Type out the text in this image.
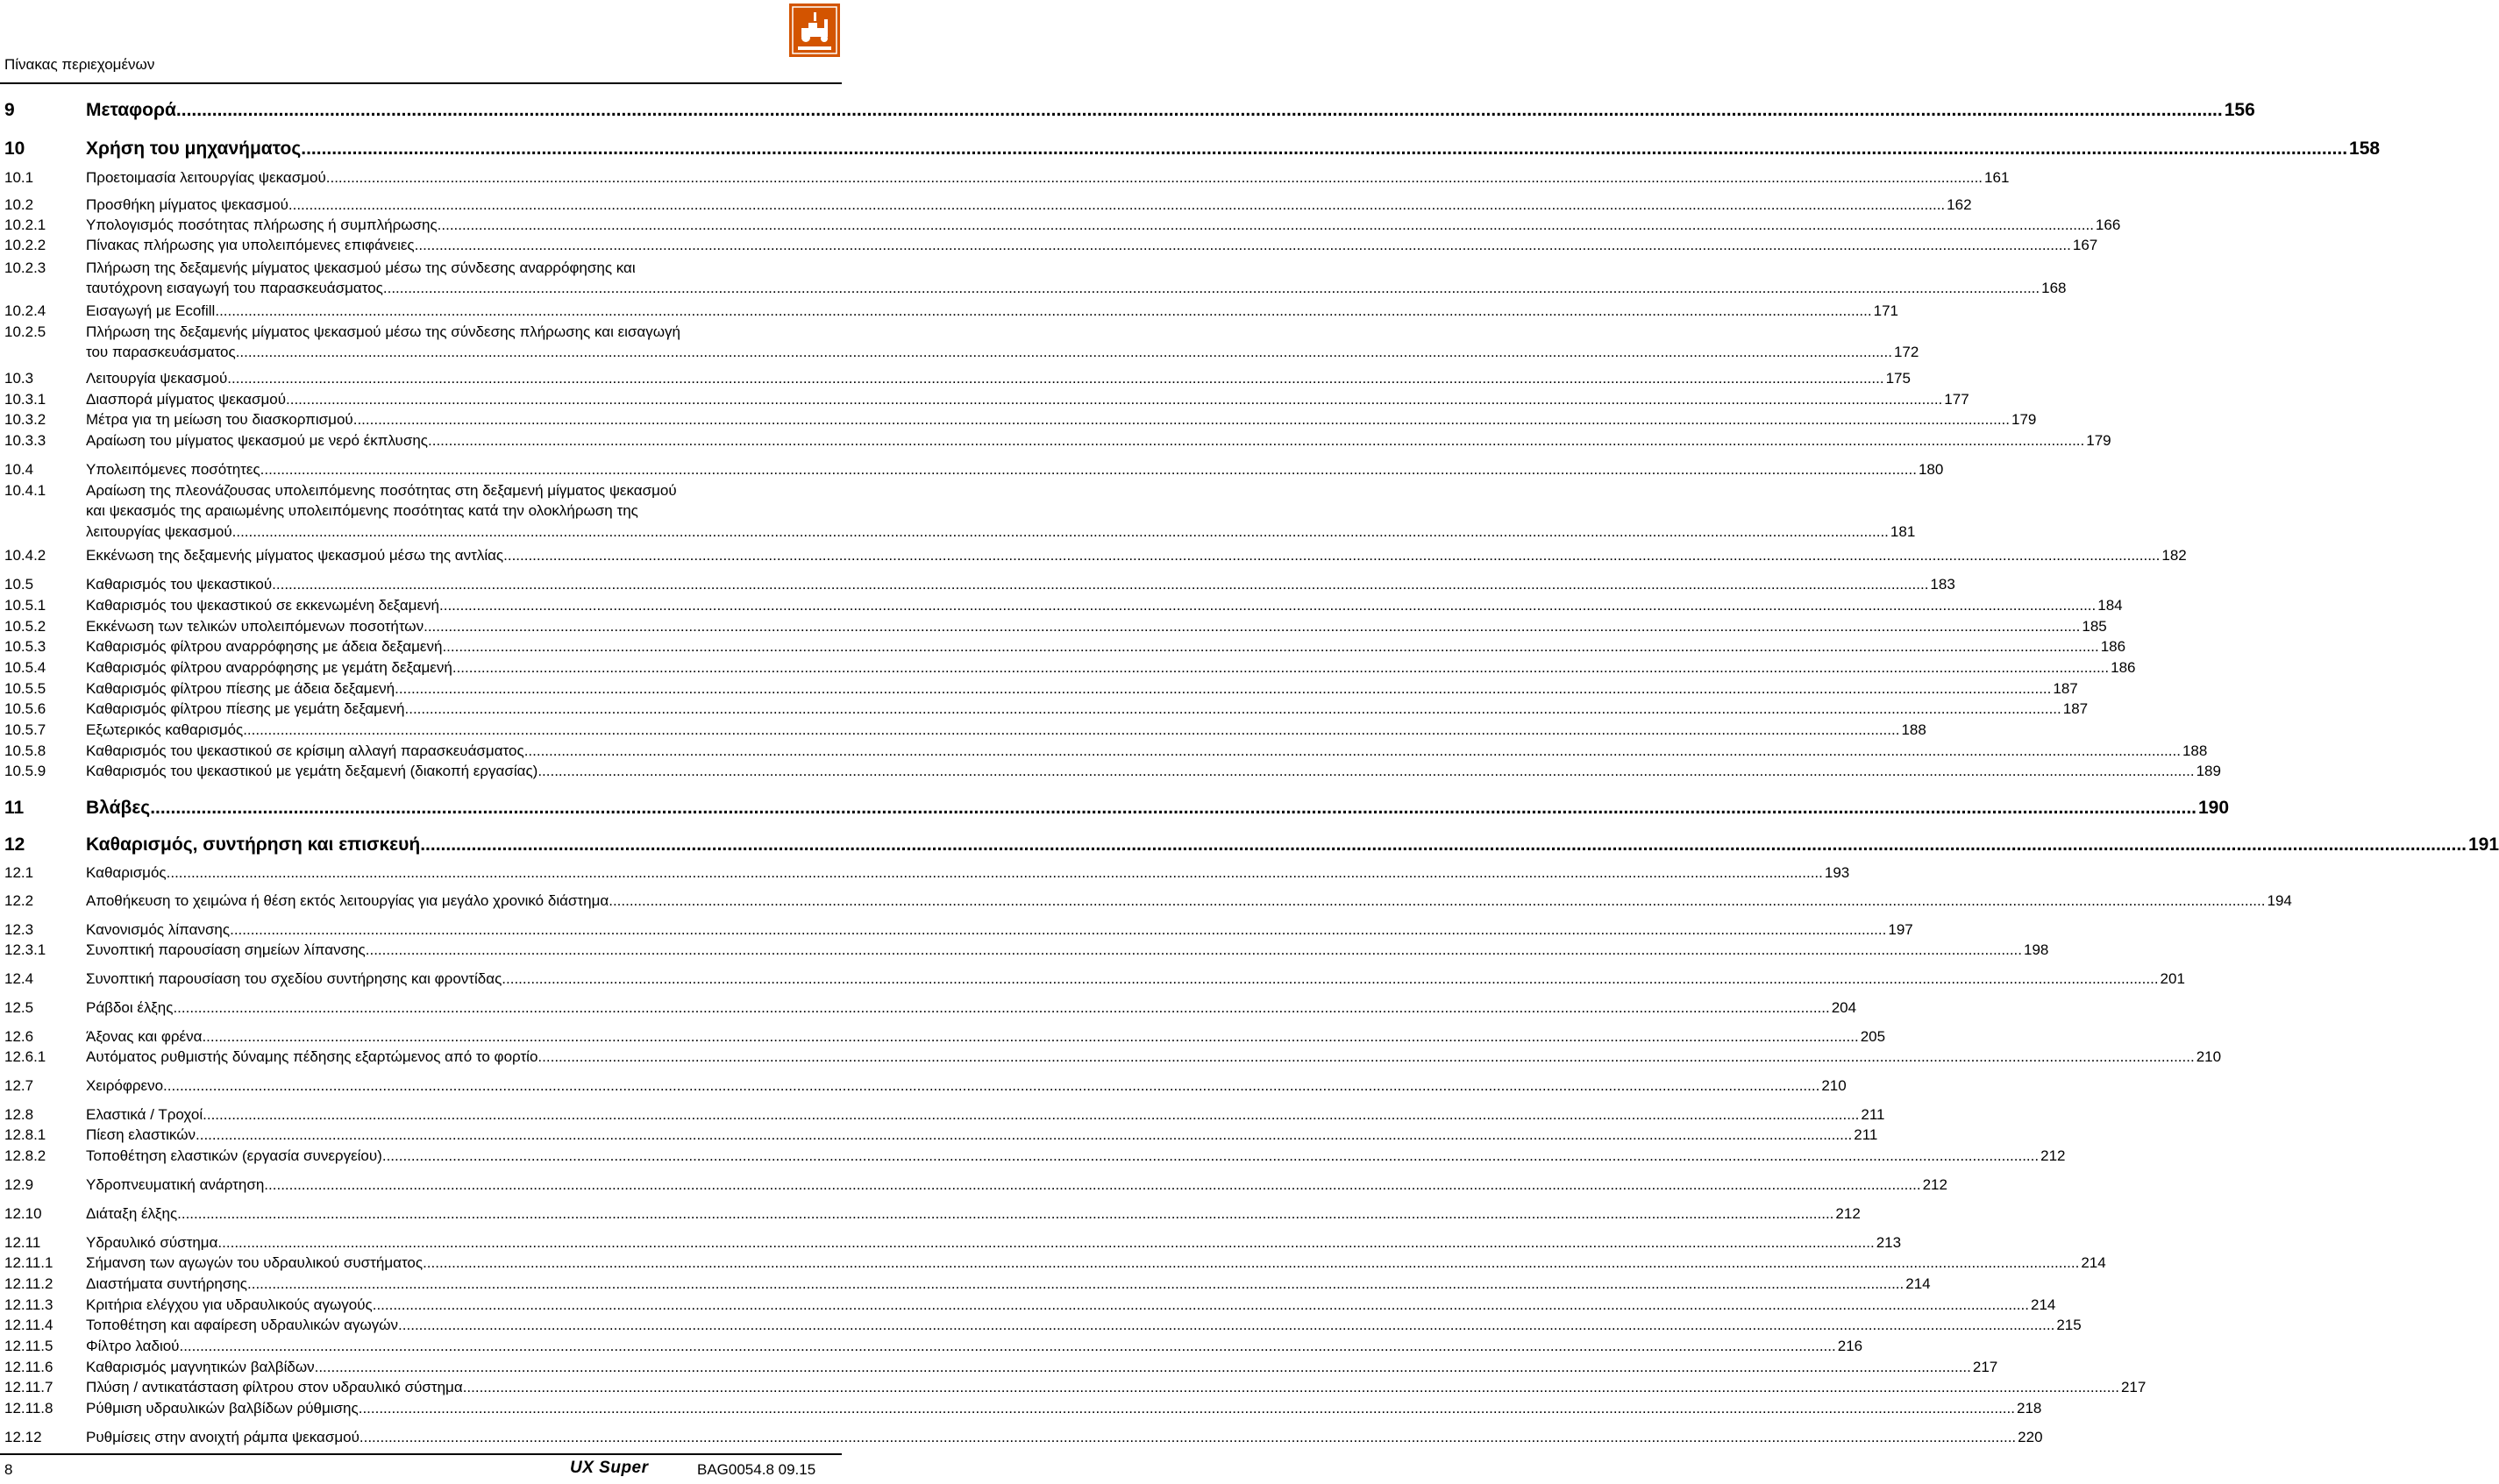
Πίνακας περιεχομένων
9	Μεταφορά ................................................................................................................................................................................................................................................................................................................................................................................................................ 156
10	Χρήση του μηχανήματος ................................................................................................................................................................................................................................................................................................................................................................................................................ 158
10.1	Προετοιμασία λειτουργίας ψεκασμού ................................................................................................................................................................................................................................................................................................................................................................................................................ 161
10.2	Προσθήκη μίγματος ψεκασμού ................................................................................................................................................................................................................................................................................................................................................................................................................ 162
10.2.1	Υπολογισμός ποσότητας πλήρωσης ή συμπλήρωσης ................................................................................................................................................................................................................................................................................................................................................................................................................ 166
10.2.2	Πίνακας πλήρωσης για υπολειπόμενες επιφάνειες ................................................................................................................................................................................................................................................................................................................................................................................................................ 167
10.2.3	Πλήρωση της δεξαμενής μίγματος ψεκασμού μέσω της σύνδεσης αναρρόφησης και
ταυτόχρονη εισαγωγή του παρασκευάσματος ................................................................................................................................................................................................................................................................................................................................................................................................................ 168
10.2.4	Εισαγωγή με Ecofill ................................................................................................................................................................................................................................................................................................................................................................................................................ 171
10.2.5	Πλήρωση της δεξαμενής μίγματος ψεκασμού μέσω της σύνδεσης πλήρωσης και εισαγωγή
του παρασκευάσματος ................................................................................................................................................................................................................................................................................................................................................................................................................ 172
10.3	Λειτουργία ψεκασμού ................................................................................................................................................................................................................................................................................................................................................................................................................ 175
10.3.1	Διασπορά μίγματος ψεκασμού ................................................................................................................................................................................................................................................................................................................................................................................................................ 177
10.3.2	Μέτρα για τη μείωση του διασκορπισμού ................................................................................................................................................................................................................................................................................................................................................................................................................ 179
10.3.3	Αραίωση του μίγματος ψεκασμού με νερό έκπλυσης ................................................................................................................................................................................................................................................................................................................................................................................................................ 179
10.4	Υπολειπόμενες ποσότητες ................................................................................................................................................................................................................................................................................................................................................................................................................ 180
10.4.1	Αραίωση της πλεονάζουσας υπολειπόμενης ποσότητας στη δεξαμενή μίγματος ψεκασμού
και ψεκασμός της αραιωμένης υπολειπόμενης ποσότητας κατά την ολοκλήρωση της
λειτουργίας ψεκασμού ................................................................................................................................................................................................................................................................................................................................................................................................................ 181
10.4.2	Εκκένωση της δεξαμενής μίγματος ψεκασμού μέσω της αντλίας ................................................................................................................................................................................................................................................................................................................................................................................................................ 182
10.5	Καθαρισμός του ψεκαστικού ................................................................................................................................................................................................................................................................................................................................................................................................................ 183
10.5.1	Καθαρισμός του ψεκαστικού σε εκκενωμένη δεξαμενή ................................................................................................................................................................................................................................................................................................................................................................................................................ 184
10.5.2	Εκκένωση των τελικών υπολειπόμενων ποσοτήτων ................................................................................................................................................................................................................................................................................................................................................................................................................ 185
10.5.3	Καθαρισμός φίλτρου αναρρόφησης με άδεια δεξαμενή ................................................................................................................................................................................................................................................................................................................................................................................................................ 186
10.5.4	Καθαρισμός φίλτρου αναρρόφησης με γεμάτη δεξαμενή ................................................................................................................................................................................................................................................................................................................................................................................................................ 186
10.5.5	Καθαρισμός φίλτρου πίεσης με άδεια δεξαμενή ................................................................................................................................................................................................................................................................................................................................................................................................................ 187
10.5.6	Καθαρισμός φίλτρου πίεσης με γεμάτη δεξαμενή ................................................................................................................................................................................................................................................................................................................................................................................................................ 187
10.5.7	Εξωτερικός καθαρισμός ................................................................................................................................................................................................................................................................................................................................................................................................................ 188
10.5.8	Καθαρισμός του ψεκαστικού σε κρίσιμη αλλαγή παρασκευάσματος ................................................................................................................................................................................................................................................................................................................................................................................................................ 188
10.5.9	Καθαρισμός του ψεκαστικού με γεμάτη δεξαμενή (διακοπή εργασίας) ................................................................................................................................................................................................................................................................................................................................................................................................................ 189
11	Βλάβες ................................................................................................................................................................................................................................................................................................................................................................................................................ 190
12	Καθαρισμός, συντήρηση και επισκευή ................................................................................................................................................................................................................................................................................................................................................................................................................ 191
12.1	Καθαρισμός ................................................................................................................................................................................................................................................................................................................................................................................................................ 193
12.2	Αποθήκευση το χειμώνα ή θέση εκτός λειτουργίας για μεγάλο χρονικό διάστημα ................................................................................................................................................................................................................................................................................................................................................................................................................ 194
12.3	Κανονισμός λίπανσης ................................................................................................................................................................................................................................................................................................................................................................................................................ 197
12.3.1	Συνοπτική παρουσίαση σημείων λίπανσης ................................................................................................................................................................................................................................................................................................................................................................................................................ 198
12.4	Συνοπτική παρουσίαση του σχεδίου συντήρησης και φροντίδας ................................................................................................................................................................................................................................................................................................................................................................................................................ 201
12.5	Ράβδοι έλξης ................................................................................................................................................................................................................................................................................................................................................................................................................ 204
12.6	Άξονας και φρένα ................................................................................................................................................................................................................................................................................................................................................................................................................ 205
12.6.1	Αυτόματος ρυθμιστής δύναμης πέδησης εξαρτώμενος από το φορτίο ................................................................................................................................................................................................................................................................................................................................................................................................................ 210
12.7	Χειρόφρενο ................................................................................................................................................................................................................................................................................................................................................................................................................ 210
12.8	Ελαστικά / Τροχοί ................................................................................................................................................................................................................................................................................................................................................................................................................ 211
12.8.1	Πίεση ελαστικών ................................................................................................................................................................................................................................................................................................................................................................................................................ 211
12.8.2	Τοποθέτηση ελαστικών (εργασία συνεργείου) ................................................................................................................................................................................................................................................................................................................................................................................................................ 212
12.9	Υδροπνευματική ανάρτηση ................................................................................................................................................................................................................................................................................................................................................................................................................ 212
12.10	Διάταξη έλξης ................................................................................................................................................................................................................................................................................................................................................................................................................ 212
12.11	Υδραυλικό σύστημα ................................................................................................................................................................................................................................................................................................................................................................................................................ 213
12.11.1 Σήμανση των αγωγών του υδραυλικού συστήματος ................................................................................................................................................................................................................................................................................................................................................................................................................ 214
12.11.2 Διαστήματα συντήρησης ................................................................................................................................................................................................................................................................................................................................................................................................................ 214
12.11.3 Κριτήρια ελέγχου για υδραυλικούς αγωγούς ................................................................................................................................................................................................................................................................................................................................................................................................................ 214
12.11.4 Τοποθέτηση και αφαίρεση υδραυλικών αγωγών ................................................................................................................................................................................................................................................................................................................................................................................................................ 215
12.11.5 Φίλτρο λαδιού ................................................................................................................................................................................................................................................................................................................................................................................................................ 216
12.11.6 Καθαρισμός μαγνητικών βαλβίδων ................................................................................................................................................................................................................................................................................................................................................................................................................ 217
12.11.7 Πλύση / αντικατάσταση φίλτρου στον υδραυλικό σύστημα ................................................................................................................................................................................................................................................................................................................................................................................................................ 217
12.11.8 Ρύθμιση υδραυλικών βαλβίδων ρύθμισης ................................................................................................................................................................................................................................................................................................................................................................................................................ 218
12.12	Ρυθμίσεις στην ανοιχτή ράμπα ψεκασμού ................................................................................................................................................................................................................................................................................................................................................................................................................ 220
8	UX Super	BAG0054.8 09.15
